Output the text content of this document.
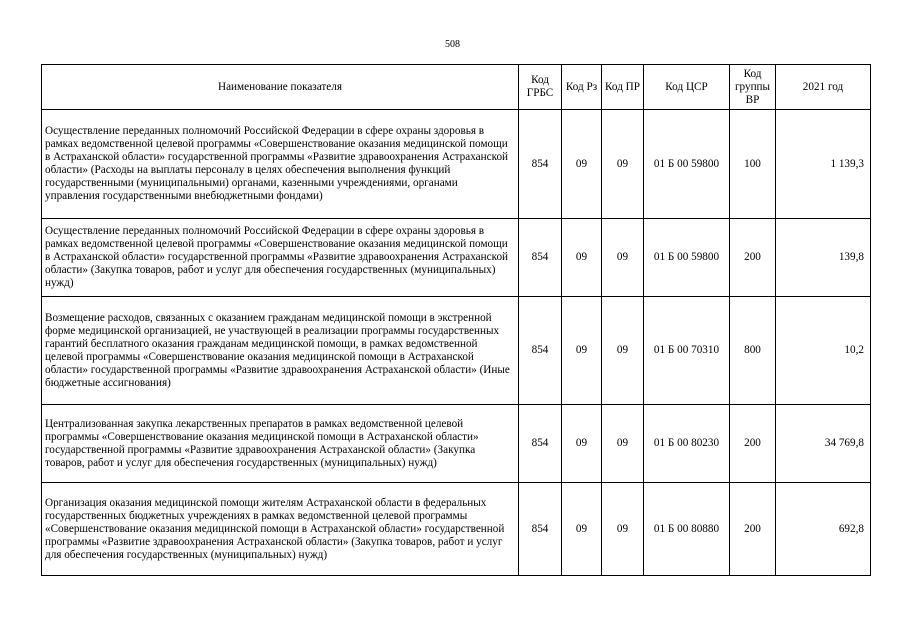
508
Наименование показателя	Код ГРБС	Код Рз	Код ПР	Код ЦСР	Код группы ВР	2021 год
Осуществление переданных полномочий Российской Федерации в сфере охраны здоровья в рамках ведомственной целевой программы «Совершенствование оказания медицинской помощи в Астраханской области» государственной программы «Развитие здравоохранения Астраханской области» (Расходы на выплаты персоналу в целях обеспечения выполнения функций государственными (муниципальными) органами, казенными учреждениями, органами управления государственными внебюджетными фондами)	854	09	09	01 Б 00 59800	100	1 139,3
Осуществление переданных полномочий Российской Федерации в сфере охраны здоровья в рамках ведомственной целевой программы «Совершенствование оказания медицинской помощи в Астраханской области» государственной программы «Развитие здравоохранения Астраханской области» (Закупка товаров, работ и услуг для обеспечения государственных (муниципальных) нужд)	854	09	09	01 Б 00 59800	200	139,8
Возмещение расходов, связанных с оказанием гражданам медицинской помощи в экстренной форме медицинской организацией, не участвующей в реализации программы государственных гарантий бесплатного оказания гражданам медицинской помощи, в рамках ведомственной целевой программы «Совершенствование оказания медицинской помощи в Астраханской области» государственной программы «Развитие здравоохранения Астраханской области» (Иные бюджетные ассигнования)	854	09	09	01 Б 00 70310	800	10,2
Централизованная закупка лекарственных препаратов в рамках ведомственной целевой программы «Совершенствование оказания медицинской помощи в Астраханской области» государственной программы «Развитие здравоохранения Астраханской области» (Закупка товаров, работ и услуг для обеспечения государственных (муниципальных) нужд)	854	09	09	01 Б 00 80230	200	34 769,8
Организация оказания медицинской помощи жителям Астраханской области в федеральных государственных бюджетных учреждениях в рамках ведомственной целевой программы «Совершенствование оказания медицинской помощи в Астраханской области» государственной программы «Развитие здравоохранения Астраханской области» (Закупка товаров, работ и услуг для обеспечения государственных (муниципальных) нужд)	854	09	09	01 Б 00 80880	200	692,8
